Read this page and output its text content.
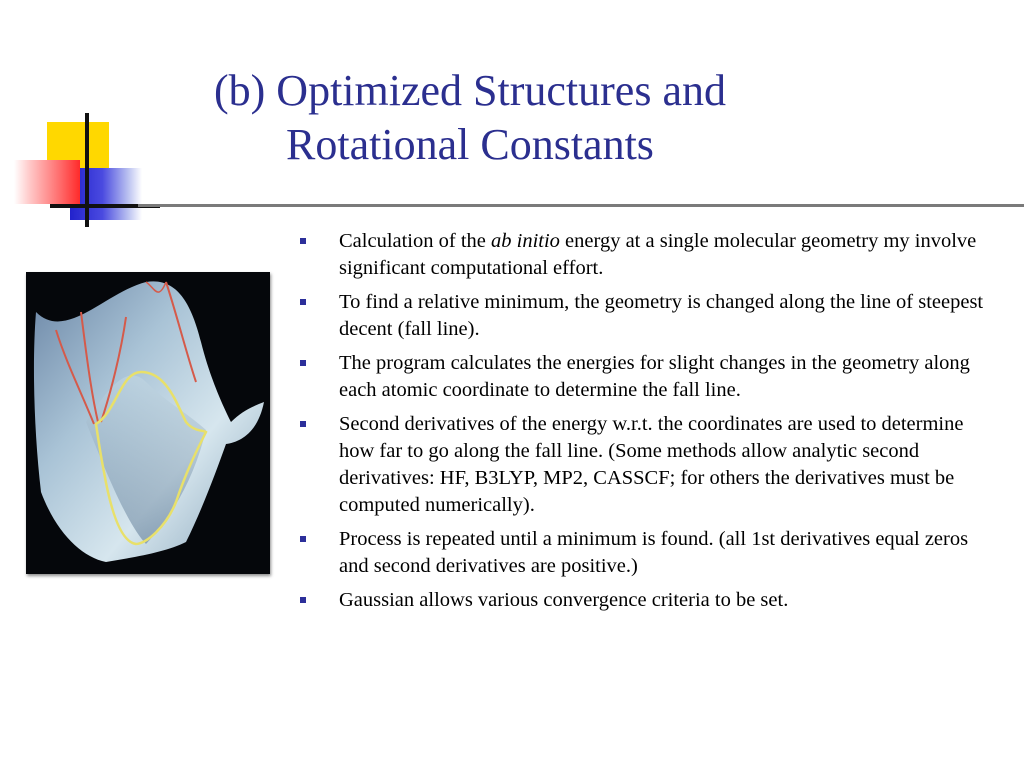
(b) Optimized Structures and
Rotational Constants
Calculation of the ab initio energy at a single molecular geometry my involve significant computational effort.
To find a relative minimum, the geometry is changed along the line of steepest decent (fall line).
The program calculates the energies for slight changes in the geometry along each atomic coordinate to determine the fall line.
Second derivatives of the energy w.r.t. the coordinates are used to determine how far to go along the fall line. (Some methods allow analytic second derivatives: HF, B3LYP, MP2, CASSCF; for others the derivatives must be computed numerically).
Process is repeated until a minimum is found. (all 1st derivatives equal zeros and second derivatives are positive.)
Gaussian allows various convergence criteria to be set.
